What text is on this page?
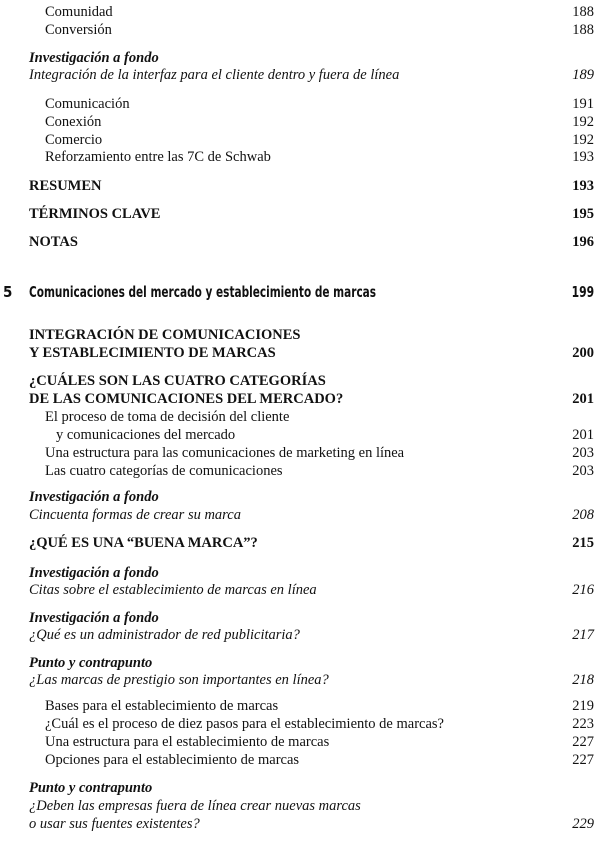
Comunidad	188
Conversión	188
Investigación a fondo
Integración de la interfaz para el cliente dentro y fuera de línea	189
Comunicación	191
Conexión	192
Comercio	192
Reforzamiento entre las 7C de Schwab	193
RESUMEN	193
TÉRMINOS CLAVE	195
NOTAS	196
5 Comunicaciones del mercado y establecimiento de marcas	199
INTEGRACIÓN DE COMUNICACIONES
Y ESTABLECIMIENTO DE MARCAS	200
¿CUÁLES SON LAS CUATRO CATEGORÍAS
DE LAS COMUNICACIONES DEL MERCADO?	201
El proceso de toma de decisión del cliente
y comunicaciones del mercado	201
Una estructura para las comunicaciones de marketing en línea	203
Las cuatro categorías de comunicaciones	203
Investigación a fondo
Cincuenta formas de crear su marca	208
¿QUÉ ES UNA “BUENA MARCA”?	215
Investigación a fondo
Citas sobre el establecimiento de marcas en línea	216
Investigación a fondo
¿Qué es un administrador de red publicitaria?	217
Punto y contrapunto
¿Las marcas de prestigio son importantes en línea?	218
Bases para el establecimiento de marcas	219
¿Cuál es el proceso de diez pasos para el establecimiento de marcas?	223
Una estructura para el establecimiento de marcas	227
Opciones para el establecimiento de marcas	227
Punto y contrapunto
¿Deben las empresas fuera de línea crear nuevas marcas
o usar sus fuentes existentes?	229
